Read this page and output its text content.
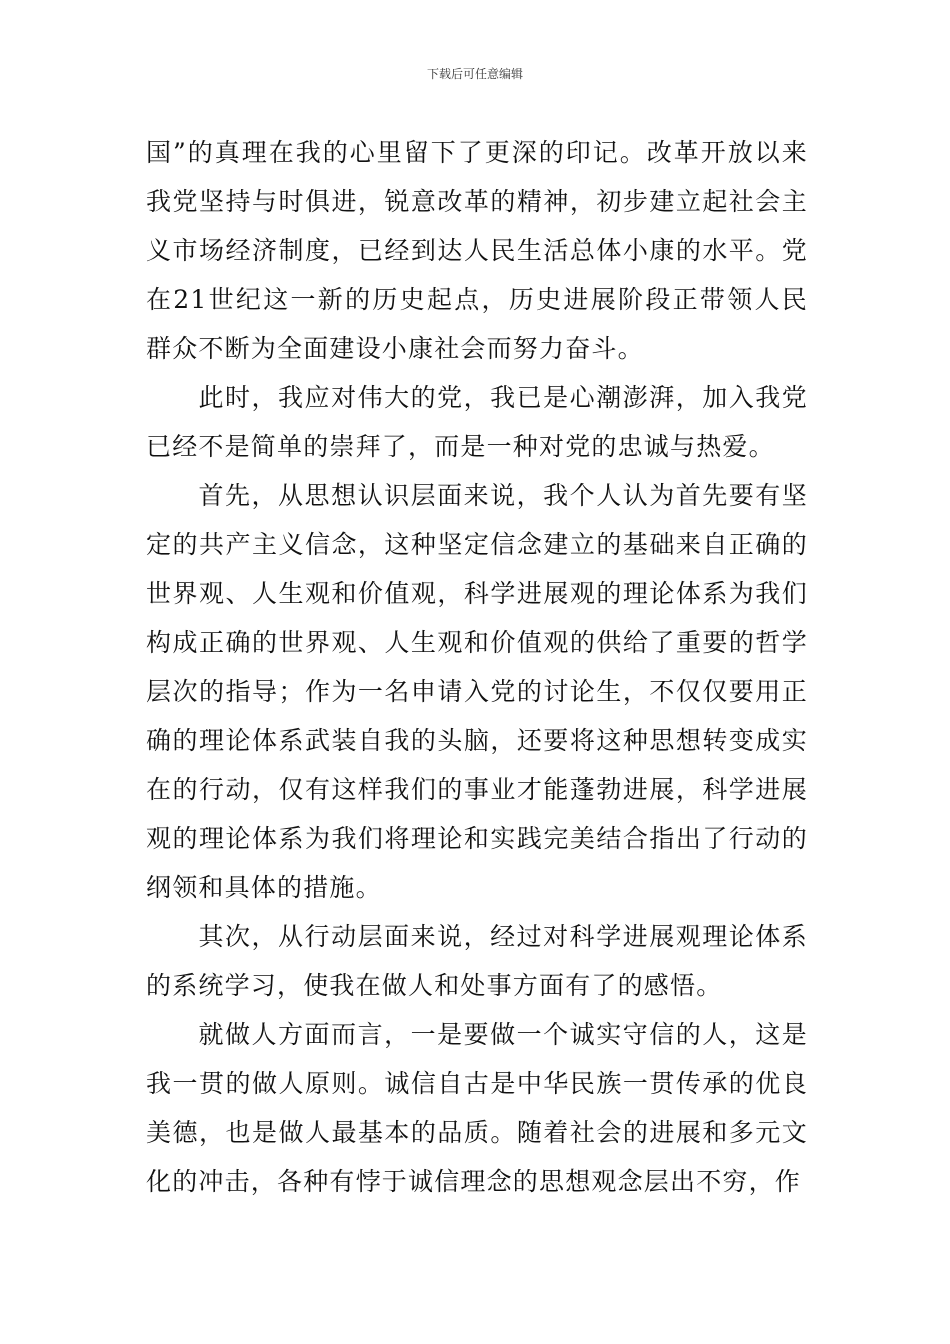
下载后可任意编辑

国”的真理在我的心里留下了更深的印记。改革开放以来我党坚持与时俱进，锐意改革的精神，初步建立起社会主义市场经济制度，已经到达人民生活总体小康的水平。党在21世纪这一新的历史起点，历史进展阶段正带领人民群众不断为全面建设小康社会而努力奋斗。

此时，我应对伟大的党，我已是心潮澎湃，加入我党已经不是简单的崇拜了，而是一种对党的忠诚与热爱。

首先，从思想认识层面来说，我个人认为首先要有坚定的共产主义信念，这种坚定信念建立的基础来自正确的世界观、人生观和价值观，科学进展观的理论体系为我们构成正确的世界观、人生观和价值观的供给了重要的哲学层次的指导；作为一名申请入党的讨论生，不仅仅要用正确的理论体系武装自我的头脑，还要将这种思想转变成实在的行动，仅有这样我们的事业才能蓬勃进展，科学进展观的理论体系为我们将理论和实践完美结合指出了行动的纲领和具体的措施。

其次，从行动层面来说，经过对科学进展观理论体系的系统学习，使我在做人和处事方面有了的感悟。

就做人方面而言，一是要做一个诚实守信的人，这是我一贯的做人原则。诚信自古是中华民族一贯传承的优良美德，也是做人最基本的品质。随着社会的进展和多元文化的冲击，各种有悖于诚信理念的思想观念层出不穷，作
